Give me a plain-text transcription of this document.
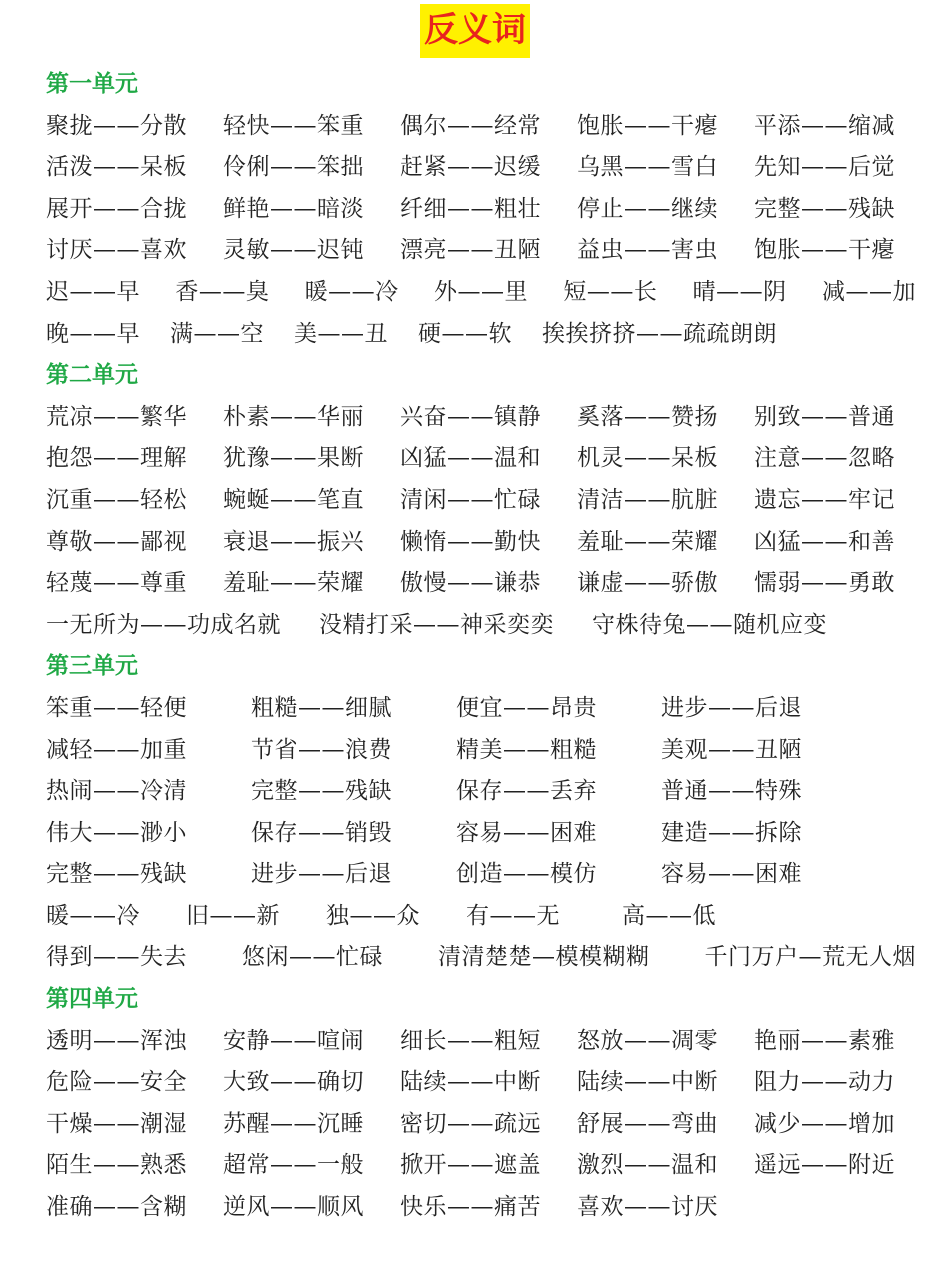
反义词
第一单元
聚拢——分散	轻快——笨重	偶尔——经常	饱胀——干瘪	平添——缩减
活泼——呆板	伶俐——笨拙	赶紧——迟缓	乌黑——雪白	先知——后觉
展开——合拢	鲜艳——暗淡	纤细——粗壮	停止——继续	完整——残缺
讨厌——喜欢	灵敏——迟钝	漂亮——丑陋	益虫——害虫	饱胀——干瘪
迟——早 香——臭 暖——冷 外——里 短——长 晴——阴 减——加
晚——早 满——空 美——丑 硬——软 挨挨挤挤——疏疏朗朗
第二单元
荒凉——繁华	朴素——华丽	兴奋——镇静	奚落——赞扬	别致——普通
抱怨——理解	犹豫——果断	凶猛——温和	机灵——呆板	注意——忽略
沉重——轻松	蜿蜒——笔直	清闲——忙碌	清洁——肮脏	遗忘——牢记
尊敬——鄙视	衰退——振兴	懒惰——勤快	羞耻——荣耀	凶猛——和善
轻蔑——尊重	羞耻——荣耀	傲慢——谦恭	谦虚——骄傲	懦弱——勇敢
一无所为——功成名就 没精打采——神采奕奕 守株待兔——随机应变
第三单元
笨重——轻便	粗糙——细腻	便宜——昂贵	进步——后退
减轻——加重	节省——浪费	精美——粗糙	美观——丑陋
热闹——冷清	完整——残缺	保存——丢弃	普通——特殊
伟大——渺小	保存——销毁	容易——困难	建造——拆除
完整——残缺	进步——后退	创造——模仿	容易——困难
暖——冷 旧——新 独——众 有——无	高——低
得到——失去 悠闲——忙碌 清清楚楚—模模糊糊 千门万户—荒无人烟
第四单元
透明——浑浊	安静——喧闹	细长——粗短	怒放——凋零	艳丽——素雅
危险——安全	大致——确切	陆续——中断	陆续——中断	阻力——动力
干燥——潮湿	苏醒——沉睡	密切——疏远	舒展——弯曲	减少——增加
陌生——熟悉	超常——一般	掀开——遮盖	激烈——温和	遥远——附近
准确——含糊	逆风——顺风	快乐——痛苦	喜欢——讨厌
